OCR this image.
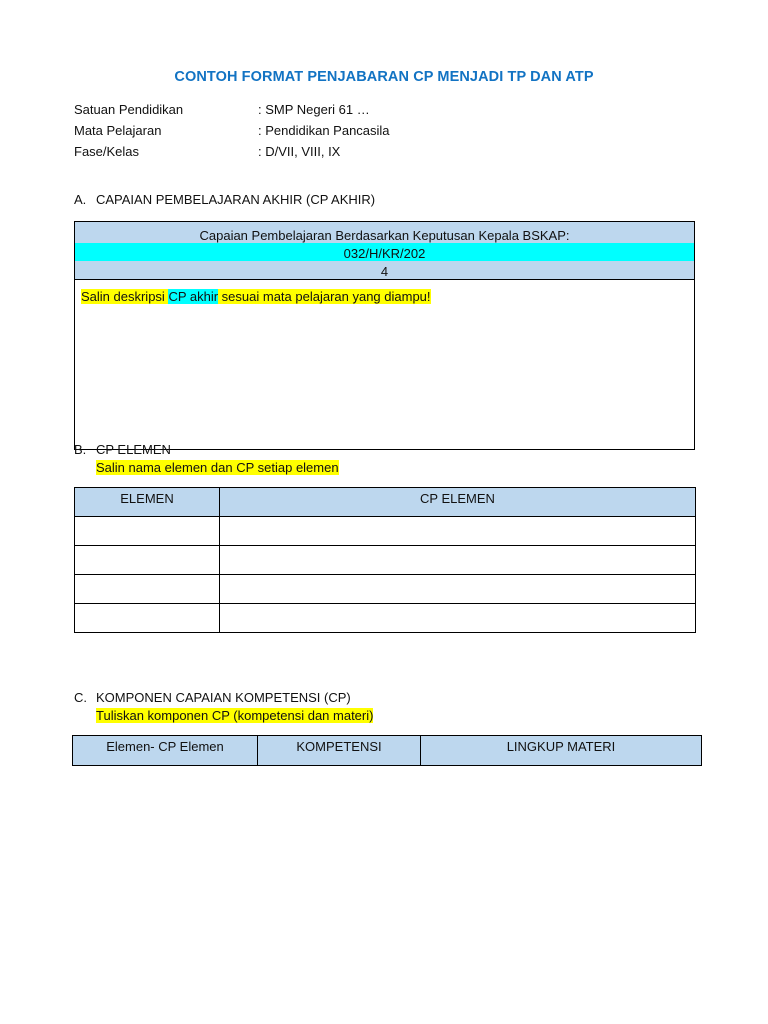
CONTOH FORMAT PENJABARAN CP MENJADI TP DAN ATP
Satuan Pendidikan	: SMP Negeri 61 …
Mata Pelajaran	: Pendidikan Pancasila
Fase/Kelas	: D/VII, VIII, IX
A. CAPAIAN PEMBELAJARAN AKHIR (CP AKHIR)
Capaian Pembelajaran Berdasarkan Keputusan Kepala BSKAP:
032/H/KR/202
4

Salin deskripsi CP akhir sesuai mata pelajaran yang diampu!
B. CP ELEMEN
Salin nama elemen dan CP setiap elemen
ELEMEN	CP ELEMEN

C. KOMPONEN CAPAIAN KOMPETENSI (CP)
Tuliskan komponen CP (kompetensi dan materi)
Elemen- CP Elemen	KOMPETENSI	LINGKUP MATERI
